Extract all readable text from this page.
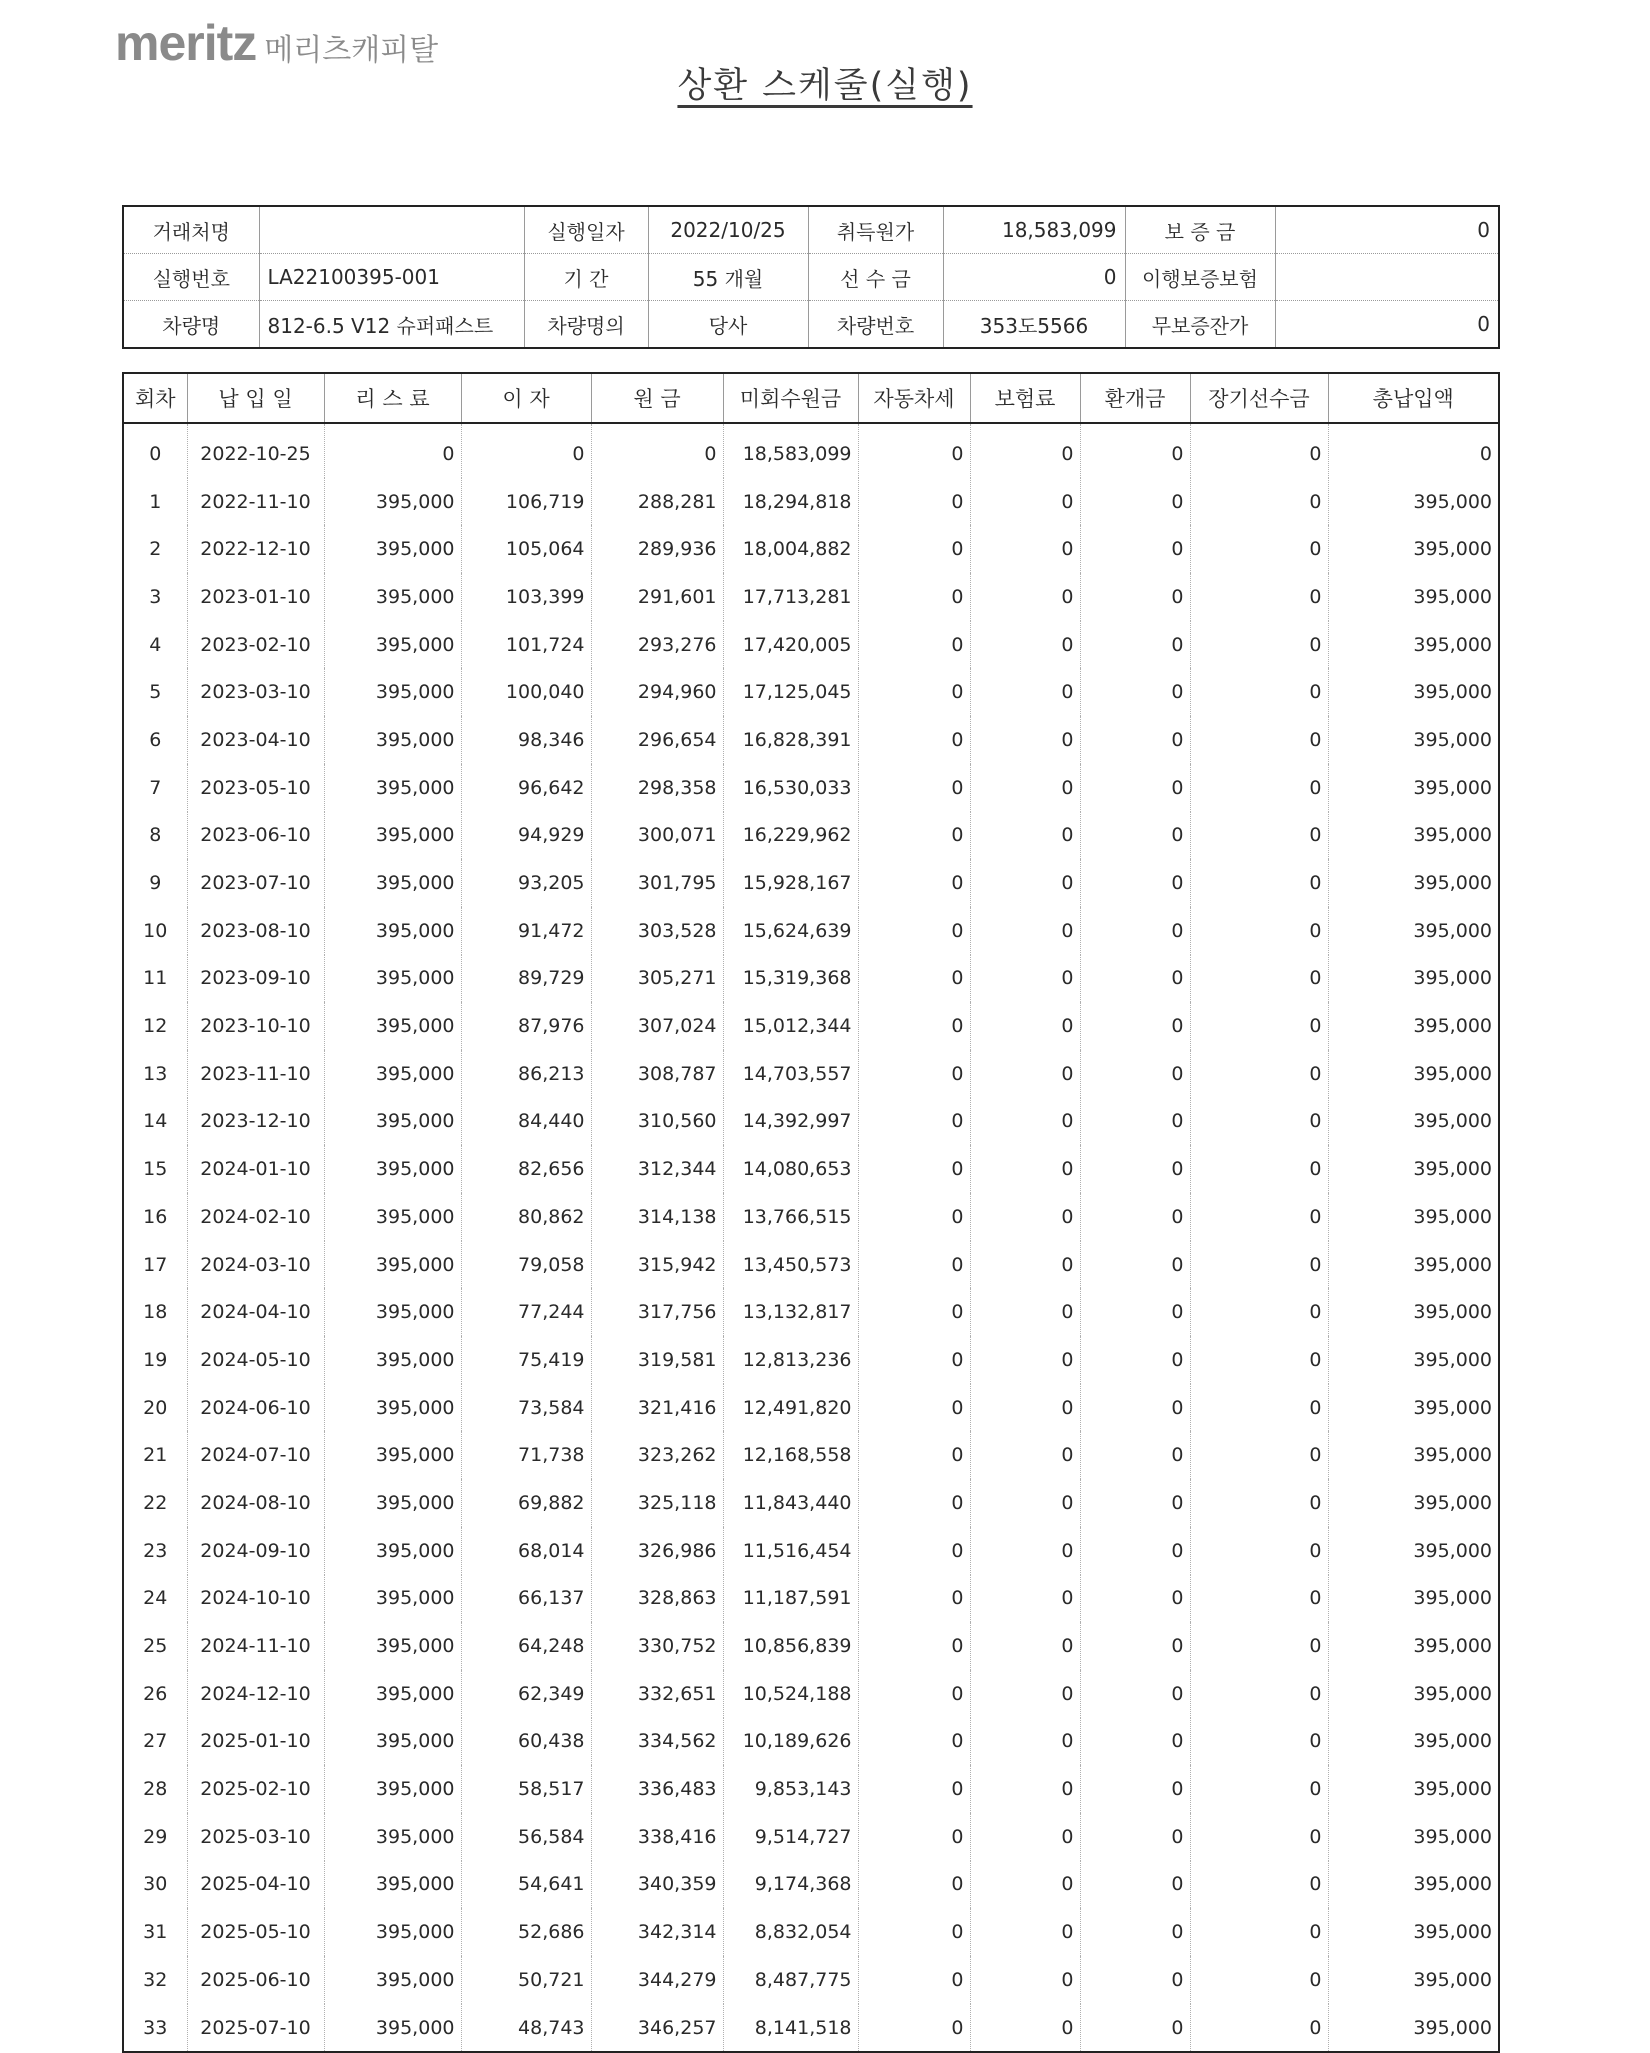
meritz 메리츠캐피탈
상환 스케줄(실행)
거래처명		실행일자	2022/10/25	취득원가	18,583,099	보 증 금	0
실행번호	LA22100395-001	기 간	55 개월	선 수 금	0	이행보증보험	
차량명	812-6.5 V12 슈퍼패스트	차량명의	당사	차량번호	353도5566	무보증잔가	0
회차	납 입 일	리 스 료	이 자	원 금	미회수원금	자동차세	보험료	환개금	장기선수금	총납입액
0	2022-10-25	0	0	0	18,583,099	0	0	0	0	0
1	2022-11-10	395,000	106,719	288,281	18,294,818	0	0	0	0	395,000
2	2022-12-10	395,000	105,064	289,936	18,004,882	0	0	0	0	395,000
3	2023-01-10	395,000	103,399	291,601	17,713,281	0	0	0	0	395,000
4	2023-02-10	395,000	101,724	293,276	17,420,005	0	0	0	0	395,000
5	2023-03-10	395,000	100,040	294,960	17,125,045	0	0	0	0	395,000
6	2023-04-10	395,000	98,346	296,654	16,828,391	0	0	0	0	395,000
7	2023-05-10	395,000	96,642	298,358	16,530,033	0	0	0	0	395,000
8	2023-06-10	395,000	94,929	300,071	16,229,962	0	0	0	0	395,000
9	2023-07-10	395,000	93,205	301,795	15,928,167	0	0	0	0	395,000
10	2023-08-10	395,000	91,472	303,528	15,624,639	0	0	0	0	395,000
11	2023-09-10	395,000	89,729	305,271	15,319,368	0	0	0	0	395,000
12	2023-10-10	395,000	87,976	307,024	15,012,344	0	0	0	0	395,000
13	2023-11-10	395,000	86,213	308,787	14,703,557	0	0	0	0	395,000
14	2023-12-10	395,000	84,440	310,560	14,392,997	0	0	0	0	395,000
15	2024-01-10	395,000	82,656	312,344	14,080,653	0	0	0	0	395,000
16	2024-02-10	395,000	80,862	314,138	13,766,515	0	0	0	0	395,000
17	2024-03-10	395,000	79,058	315,942	13,450,573	0	0	0	0	395,000
18	2024-04-10	395,000	77,244	317,756	13,132,817	0	0	0	0	395,000
19	2024-05-10	395,000	75,419	319,581	12,813,236	0	0	0	0	395,000
20	2024-06-10	395,000	73,584	321,416	12,491,820	0	0	0	0	395,000
21	2024-07-10	395,000	71,738	323,262	12,168,558	0	0	0	0	395,000
22	2024-08-10	395,000	69,882	325,118	11,843,440	0	0	0	0	395,000
23	2024-09-10	395,000	68,014	326,986	11,516,454	0	0	0	0	395,000
24	2024-10-10	395,000	66,137	328,863	11,187,591	0	0	0	0	395,000
25	2024-11-10	395,000	64,248	330,752	10,856,839	0	0	0	0	395,000
26	2024-12-10	395,000	62,349	332,651	10,524,188	0	0	0	0	395,000
27	2025-01-10	395,000	60,438	334,562	10,189,626	0	0	0	0	395,000
28	2025-02-10	395,000	58,517	336,483	9,853,143	0	0	0	0	395,000
29	2025-03-10	395,000	56,584	338,416	9,514,727	0	0	0	0	395,000
30	2025-04-10	395,000	54,641	340,359	9,174,368	0	0	0	0	395,000
31	2025-05-10	395,000	52,686	342,314	8,832,054	0	0	0	0	395,000
32	2025-06-10	395,000	50,721	344,279	8,487,775	0	0	0	0	395,000
33	2025-07-10	395,000	48,743	346,257	8,141,518	0	0	0	0	395,000
